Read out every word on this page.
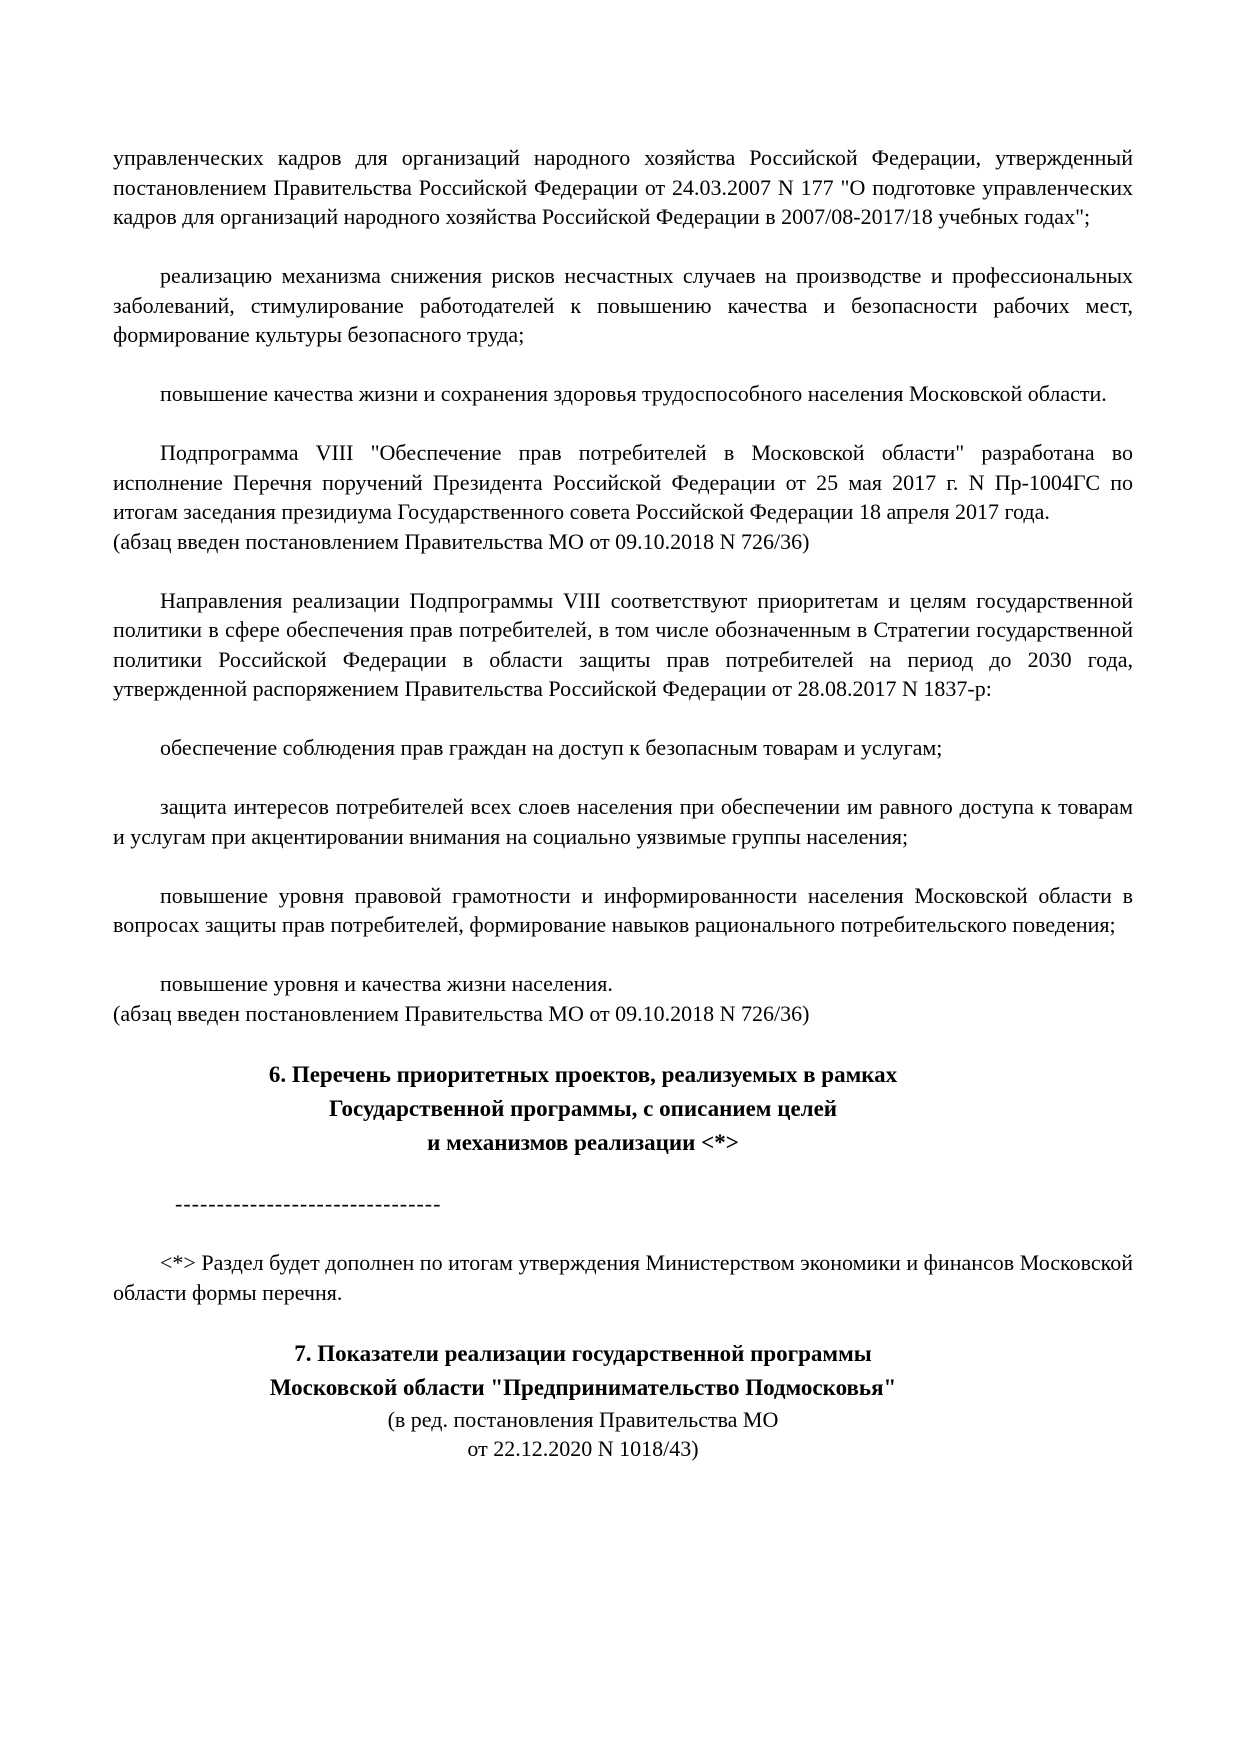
управленческих кадров для организаций народного хозяйства Российской Федерации, утвержденный постановлением Правительства Российской Федерации от 24.03.2007 N 177 "О подготовке управленческих кадров для организаций народного хозяйства Российской Федерации в 2007/08-2017/18 учебных годах";

реализацию механизма снижения рисков несчастных случаев на производстве и профессиональных заболеваний, стимулирование работодателей к повышению качества и безопасности рабочих мест, формирование культуры безопасного труда;

повышение качества жизни и сохранения здоровья трудоспособного населения Московской области.

Подпрограмма VIII "Обеспечение прав потребителей в Московской области" разработана во исполнение Перечня поручений Президента Российской Федерации от 25 мая 2017 г. N Пр-1004ГС по итогам заседания президиума Государственного совета Российской Федерации 18 апреля 2017 года.

(абзац введен постановлением Правительства МО от 09.10.2018 N 726/36)

Направления реализации Подпрограммы VIII соответствуют приоритетам и целям государственной политики в сфере обеспечения прав потребителей, в том числе обозначенным в Стратегии государственной политики Российской Федерации в области защиты прав потребителей на период до 2030 года, утвержденной распоряжением Правительства Российской Федерации от 28.08.2017 N 1837-р:

обеспечение соблюдения прав граждан на доступ к безопасным товарам и услугам;

защита интересов потребителей всех слоев населения при обеспечении им равного доступа к товарам и услугам при акцентировании внимания на социально уязвимые группы населения;

повышение уровня правовой грамотности и информированности населения Московской области в вопросах защиты прав потребителей, формирование навыков рационального потребительского поведения;

повышение уровня и качества жизни населения.

(абзац введен постановлением Правительства МО от 09.10.2018 N 726/36)

6. Перечень приоритетных проектов, реализуемых в рамках
Государственной программы, с описанием целей
и механизмов реализации <*>

--------------------------------

<*> Раздел будет дополнен по итогам утверждения Министерством экономики и финансов Московской области формы перечня.

7. Показатели реализации государственной программы
Московской области "Предпринимательство Подмосковья"
(в ред. постановления Правительства МО
от 22.12.2020 N 1018/43)
